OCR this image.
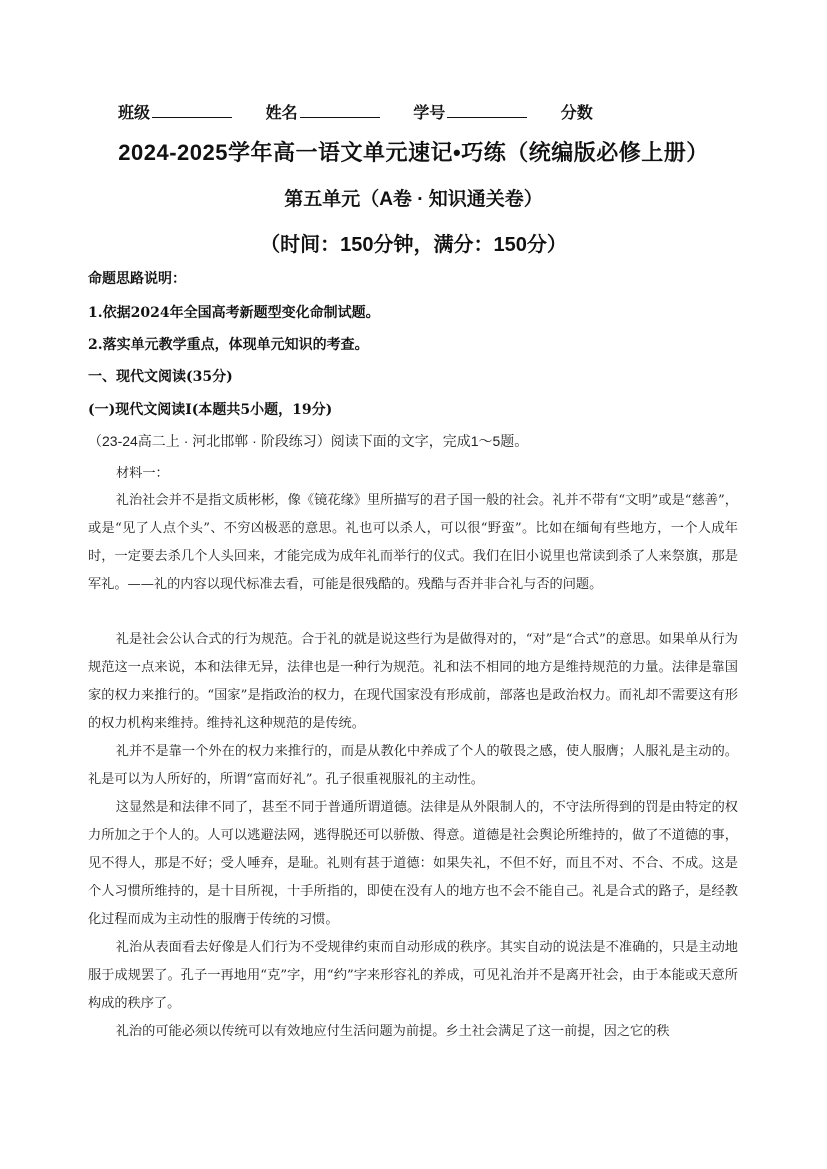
班级	姓名	学号	分数
2024-2025学年高一语文单元速记•巧练（统编版必修上册）
第五单元（A卷 · 知识通关卷）
（时间：150分钟，满分：150分）
命题思路说明：
1.依据2024年全国高考新题型变化命制试题。
2.落实单元教学重点，体现单元知识的考查。
一、现代文阅读(35分)
(一)现代文阅读Ⅰ(本题共5小题，19分)
（23-24高二上 · 河北邯郸 · 阶段练习）阅读下面的文字，完成1～5题。
材料一：
礼治社会并不是指文质彬彬，像《镜花缘》里所描写的君子国一般的社会。礼并不带有“文明”或是“慈善”，或是“见了人点个头”、不穷凶极恶的意思。礼也可以杀人，可以很“野蛮”。比如在缅甸有些地方，一个人成年时，一定要去杀几个人头回来，才能完成为成年礼而举行的仪式。我们在旧小说里也常读到杀了人来祭旗，那是军礼。——礼的内容以现代标准去看，可能是很残酷的。残酷与否并非合礼与否的问题。
礼是社会公认合式的行为规范。合于礼的就是说这些行为是做得对的，“对”是“合式”的意思。如果单从行为规范这一点来说，本和法律无异，法律也是一种行为规范。礼和法不相同的地方是维持规范的力量。法律是靠国家的权力来推行的。“国家”是指政治的权力，在现代国家没有形成前，部落也是政治权力。而礼却不需要这有形的权力机构来维持。维持礼这种规范的是传统。
礼并不是靠一个外在的权力来推行的，而是从教化中养成了个人的敬畏之感，使人服膺；人服礼是主动的。礼是可以为人所好的，所谓“富而好礼”。孔子很重视服礼的主动性。
这显然是和法律不同了，甚至不同于普通所谓道德。法律是从外限制人的，不守法所得到的罚是由特定的权力所加之于个人的。人可以逃避法网，逃得脱还可以骄傲、得意。道德是社会舆论所维持的，做了不道德的事，见不得人，那是不好；受人唾弃，是耻。礼则有甚于道德：如果失礼，不但不好，而且不对、不合、不成。这是个人习惯所维持的，是十目所视，十手所指的，即使在没有人的地方也不会不能自己。礼是合式的路子，是经教化过程而成为主动性的服膺于传统的习惯。
礼治从表面看去好像是人们行为不受规律约束而自动形成的秩序。其实自动的说法是不准确的，只是主动地服于成规罢了。孔子一再地用“克”字，用“约”字来形容礼的养成，可见礼治并不是离开社会，由于本能或天意所构成的秩序了。
礼治的可能必须以传统可以有效地应付生活问题为前提。乡土社会满足了这一前提，因之它的秩
